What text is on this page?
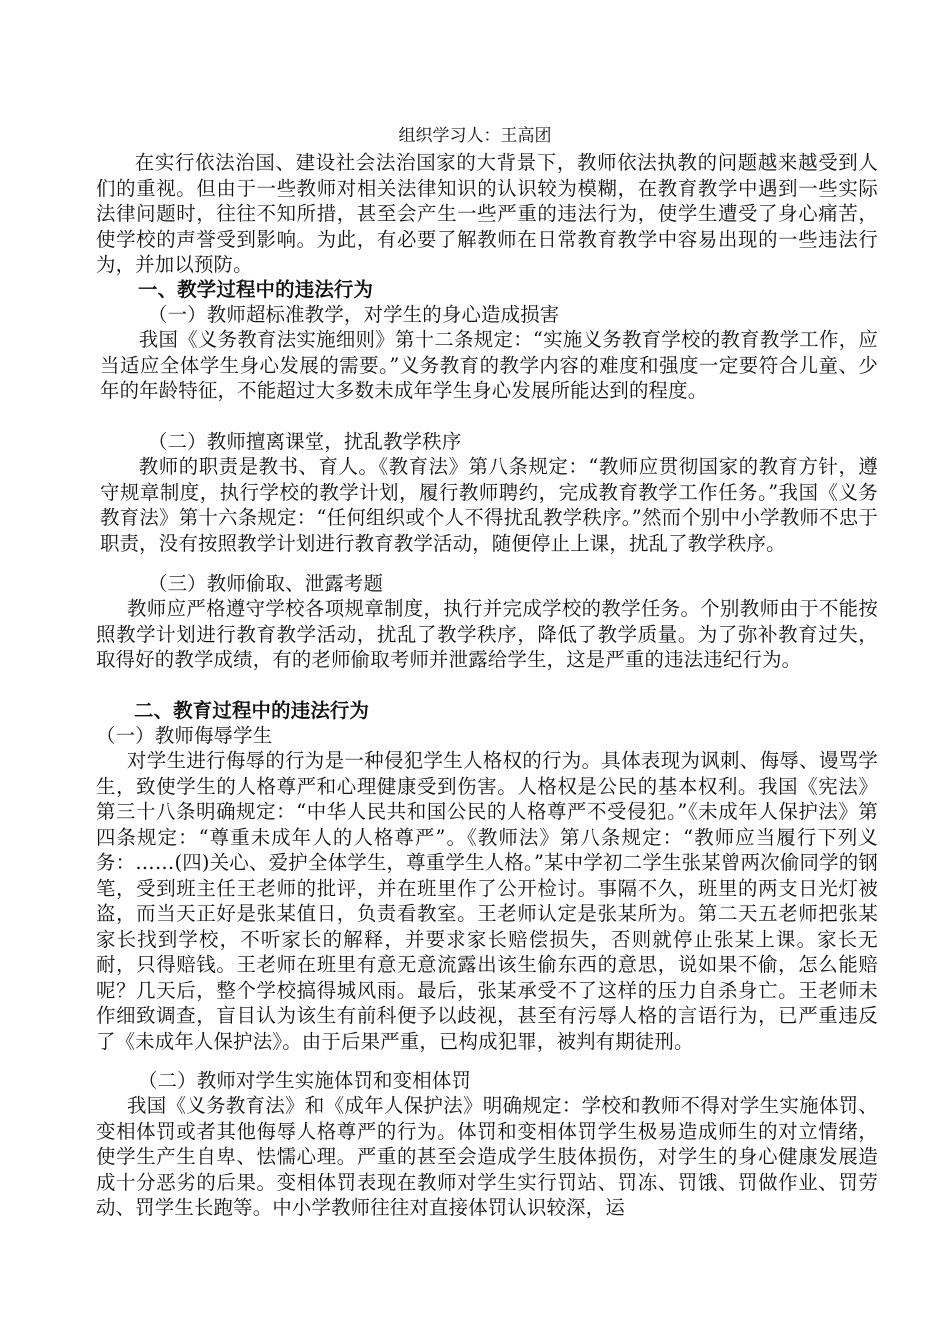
组织学习人：王高团
在实行依法治国、建设社会法治国家的大背景下，教师依法执教的问题越来越受到人们的重视。但由于一些教师对相关法律知识的认识较为模糊，在教育教学中遇到一些实际法律问题时，往往不知所措，甚至会产生一些严重的违法行为，使学生遭受了身心痛苦，使学校的声誉受到影响。为此，有必要了解教师在日常教育教学中容易出现的一些违法行为，并加以预防。
一、教学过程中的违法行为
（一）教师超标准教学，对学生的身心造成损害
我国《义务教育法实施细则》第十二条规定：“实施义务教育学校的教育教学工作，应当适应全体学生身心发展的需要。”义务教育的教学内容的难度和强度一定要符合儿童、少年的年龄特征，不能超过大多数未成年学生身心发展所能达到的程度。
（二）教师擅离课堂，扰乱教学秩序
教师的职责是教书、育人。《教育法》第八条规定：“教师应贯彻国家的教育方针，遵守规章制度，执行学校的教学计划，履行教师聘约，完成教育教学工作任务。”我国《义务教育法》第十六条规定：“任何组织或个人不得扰乱教学秩序。”然而个别中小学教师不忠于职责，没有按照教学计划进行教育教学活动，随便停止上课，扰乱了教学秩序。
（三）教师偷取、泄露考题
教师应严格遵守学校各项规章制度，执行并完成学校的教学任务。个别教师由于不能按照教学计划进行教育教学活动，扰乱了教学秩序，降低了教学质量。为了弥补教育过失，取得好的教学成绩，有的老师偷取考师并泄露给学生，这是严重的违法违纪行为。
二、教育过程中的违法行为
（一）教师侮辱学生
对学生进行侮辱的行为是一种侵犯学生人格权的行为。具体表现为讽刺、侮辱、谩骂学生，致使学生的人格尊严和心理健康受到伤害。人格权是公民的基本权利。我国《宪法》第三十八条明确规定：“中华人民共和国公民的人格尊严不受侵犯。”《未成年人保护法》第四条规定：“尊重未成年人的人格尊严”。《教师法》第八条规定：“教师应当履行下列义务：……(四)关心、爱护全体学生，尊重学生人格。”某中学初二学生张某曾两次偷同学的钢笔，受到班主任王老师的批评，并在班里作了公开检讨。事隔不久，班里的两支日光灯被盗，而当天正好是张某值日，负责看教室。王老师认定是张某所为。第二天五老师把张某家长找到学校，不听家长的解释，并要求家长赔偿损失，否则就停止张某上课。家长无耐，只得赔钱。王老师在班里有意无意流露出该生偷东西的意思，说如果不偷，怎么能赔呢？几天后，整个学校搞得城风雨。最后，张某承受不了这样的压力自杀身亡。王老师未作细致调查，盲目认为该生有前科便予以歧视，甚至有污辱人格的言语行为，已严重违反了《未成年人保护法》。由于后果严重，已构成犯罪，被判有期徒刑。
（二）教师对学生实施体罚和变相体罚
我国《义务教育法》和《成年人保护法》明确规定：学校和教师不得对学生实施体罚、变相体罚或者其他侮辱人格尊严的行为。体罚和变相体罚学生极易造成师生的对立情绪，使学生产生自卑、怯懦心理。严重的甚至会造成学生肢体损伤，对学生的身心健康发展造成十分恶劣的后果。变相体罚表现在教师对学生实行罚站、罚冻、罚饿、罚做作业、罚劳动、罚学生长跑等。中小学教师往往对直接体罚认识较深，运
